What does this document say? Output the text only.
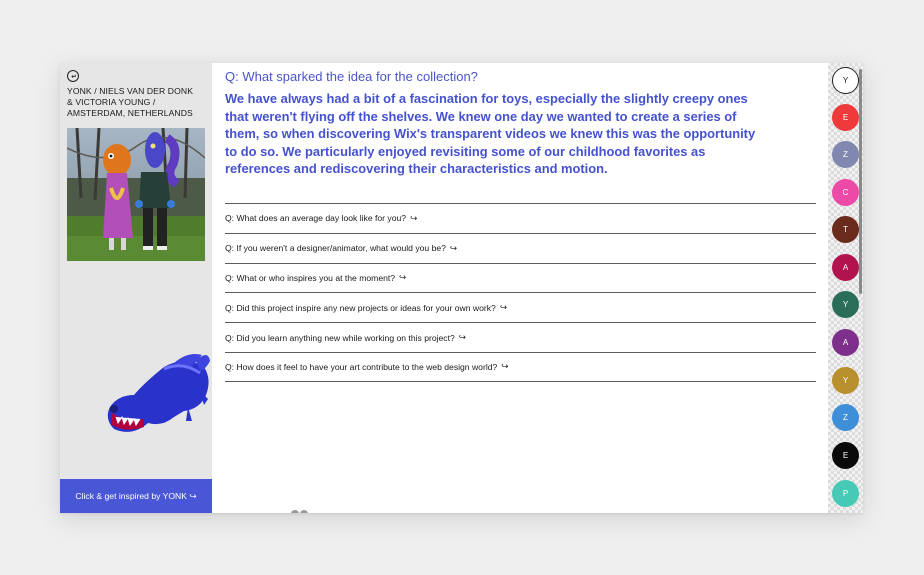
YONK / NIELS VAN DER DONK
& VICTORIA YOUNG /
AMSTERDAM, NETHERLANDS
Click & get inspired by YONK ↪
Q: What sparked the idea for the collection?

We have always had a bit of a fascination for toys, especially the slightly creepy ones that weren't flying off the shelves. We knew one day we wanted to create a series of them, so when discovering Wix's transparent videos we knew this was the opportunity to do so. We particularly enjoyed revisiting some of our childhood favorites as references and rediscovering their characteristics and motion.

Q: What does an average day look like for you? ↪
Q: If you weren't a designer/animator, what would you be? ↪
Q: What or who inspires you at the moment? ↪
Q: Did this project inspire any new projects or ideas for your own work? ↪
Q: Did you learn anything new while working on this project? ↪
Q: How does it feel to have your art contribute to the web design world? ↪
Y
E
Z
C
T
A
Y
A
Y
Z
E
P
